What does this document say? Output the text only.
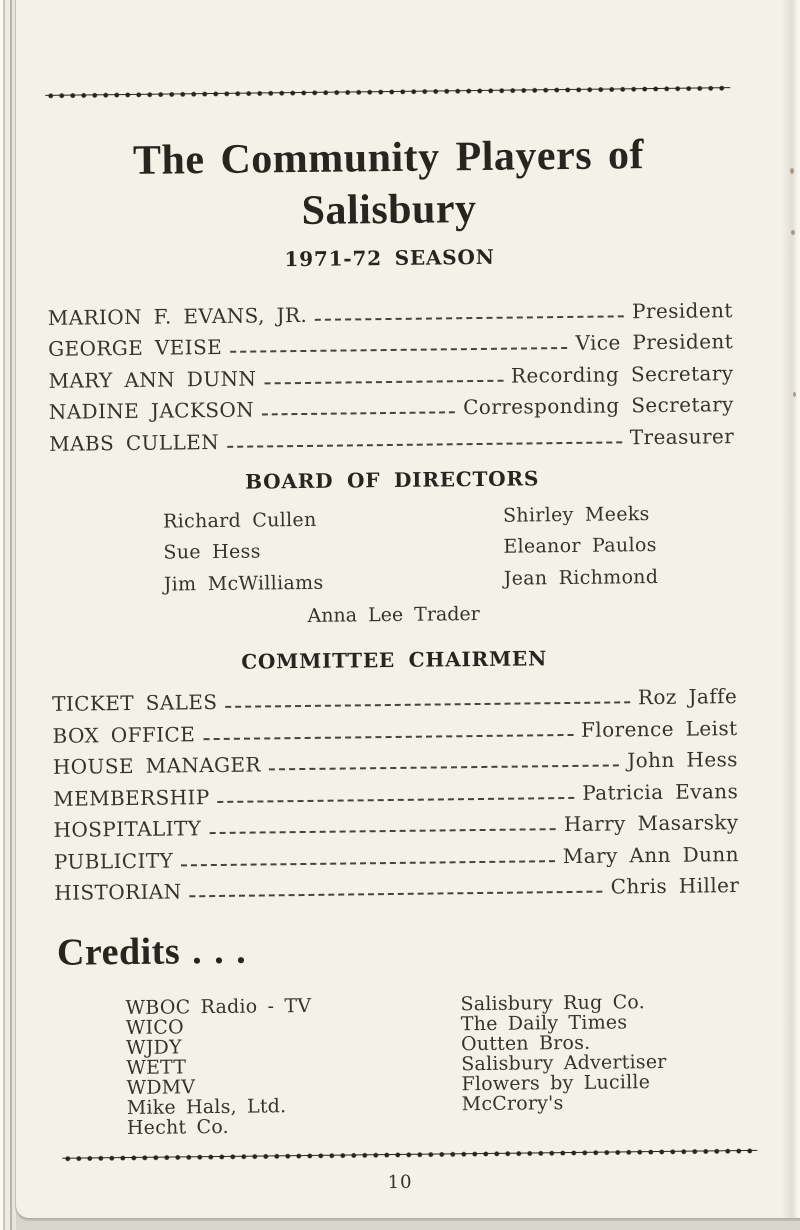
The Community Players of Salisbury
1971-72 SEASON
MARION F. EVANS, JR.	President
GEORGE VEISE	Vice President
MARY ANN DUNN	Recording Secretary
NADINE JACKSON	Corresponding Secretary
MABS CULLEN	Treasurer
BOARD OF DIRECTORS
Richard Cullen
Sue Hess
Jim McWilliams
Shirley Meeks
Eleanor Paulos
Jean Richmond
Anna Lee Trader
COMMITTEE CHAIRMEN
TICKET SALES	Roz Jaffe
BOX OFFICE	Florence Leist
HOUSE MANAGER	John Hess
MEMBERSHIP	Patricia Evans
HOSPITALITY	Harry Masarsky
PUBLICITY	Mary Ann Dunn
HISTORIAN	Chris Hiller
Credits . . .
WBOC Radio - TV
WICO
WJDY
WETT
WDMV
Mike Hals, Ltd.
Hecht Co.
Salisbury Rug Co.
The Daily Times
Outten Bros.
Salisbury Advertiser
Flowers by Lucille
McCrory's
10
